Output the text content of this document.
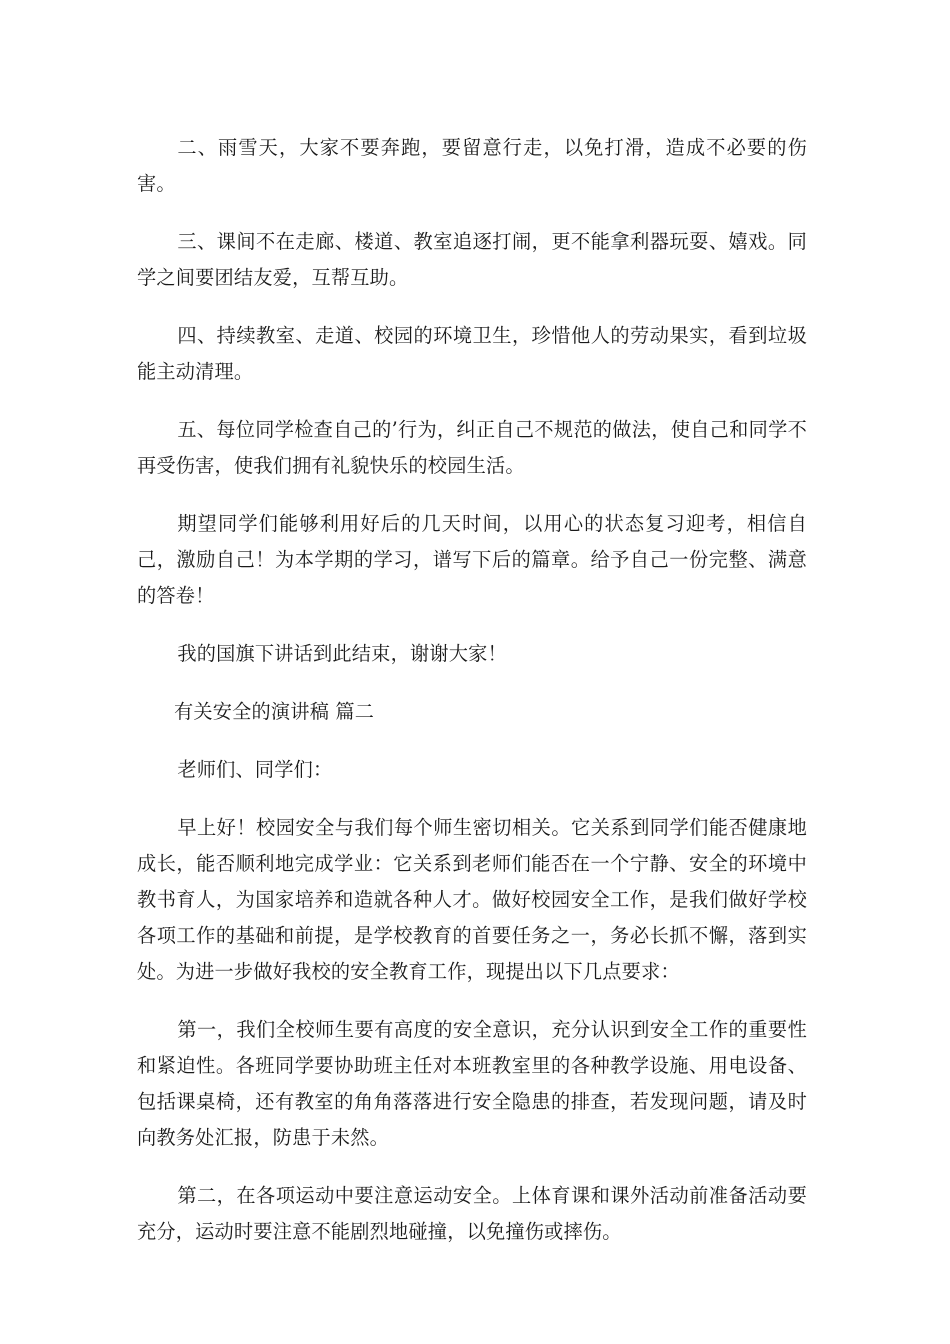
二、雨雪天，大家不要奔跑，要留意行走，以免打滑，造成不必要的伤害。

三、课间不在走廊、楼道、教室追逐打闹，更不能拿利器玩耍、嬉戏。同学之间要团结友爱，互帮互助。

四、持续教室、走道、校园的环境卫生，珍惜他人的劳动果实，看到垃圾能主动清理。

五、每位同学检查自己的’行为，纠正自己不规范的做法，使自己和同学不再受伤害，使我们拥有礼貌快乐的校园生活。

期望同学们能够利用好后的几天时间，以用心的状态复习迎考，相信自己，激励自己！为本学期的学习，谱写下后的篇章。给予自己一份完整、满意的答卷！

我的国旗下讲话到此结束，谢谢大家！

有关安全的演讲稿 篇二

老师们、同学们：

早上好！校园安全与我们每个师生密切相关。它关系到同学们能否健康地成长，能否顺利地完成学业：它关系到老师们能否在一个宁静、安全的环境中教书育人，为国家培养和造就各种人才。做好校园安全工作，是我们做好学校各项工作的基础和前提，是学校教育的首要任务之一，务必长抓不懈，落到实处。为进一步做好我校的安全教育工作，现提出以下几点要求：

第一，我们全校师生要有高度的安全意识，充分认识到安全工作的重要性和紧迫性。各班同学要协助班主任对本班教室里的各种教学设施、用电设备、包括课桌椅，还有教室的角角落落进行安全隐患的排查，若发现问题，请及时向教务处汇报，防患于未然。

第二，在各项运动中要注意运动安全。上体育课和课外活动前准备活动要充分，运动时要注意不能剧烈地碰撞，以免撞伤或摔伤。
